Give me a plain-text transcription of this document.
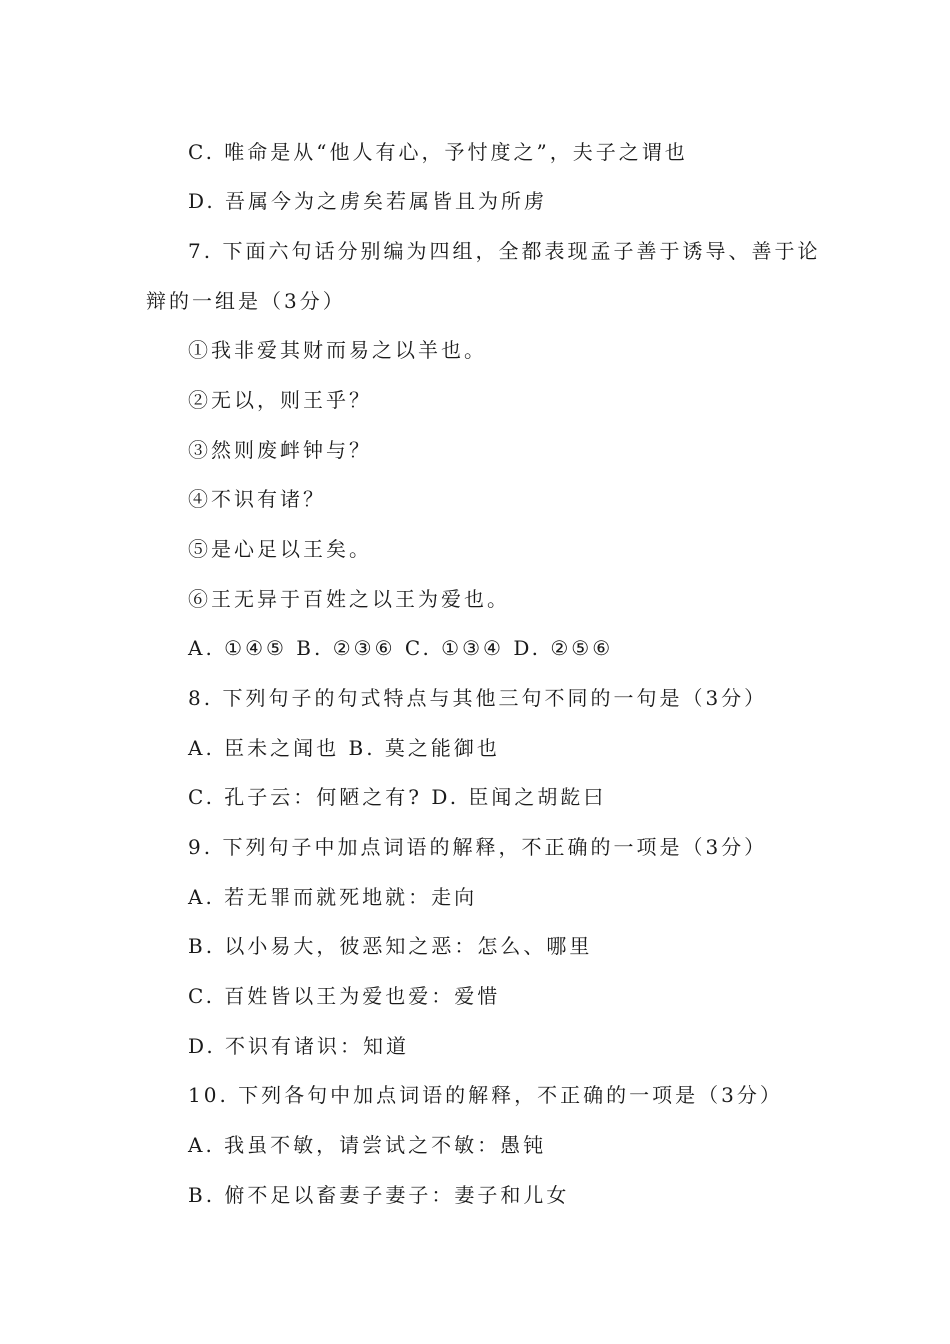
C. 唯命是从“他人有心，予忖度之”，夫子之谓也
D. 吾属今为之虏矣若属皆且为所虏
7. 下面六句话分别编为四组，全都表现孟子善于诱导、善于论
辩的一组是（3分）
①我非爱其财而易之以羊也。
②无以，则王乎？
③然则废衅钟与？
④不识有诸？
⑤是心足以王矣。
⑥王无异于百姓之以王为爱也。
A. ①④⑤ B. ②③⑥ C. ①③④ D. ②⑤⑥
8. 下列句子的句式特点与其他三句不同的一句是（3分）
A. 臣未之闻也 B. 莫之能御也
C. 孔子云：何陋之有? D. 臣闻之胡龁曰
9. 下列句子中加点词语的解释，不正确的一项是（3分）
A. 若无罪而就死地就：走向
B. 以小易大，彼恶知之恶：怎么、哪里
C. 百姓皆以王为爱也爱：爱惜
D. 不识有诸识：知道
10. 下列各句中加点词语的解释，不正确的一项是（3分）
A. 我虽不敏，请尝试之不敏：愚钝
B. 俯不足以畜妻子妻子：妻子和儿女
